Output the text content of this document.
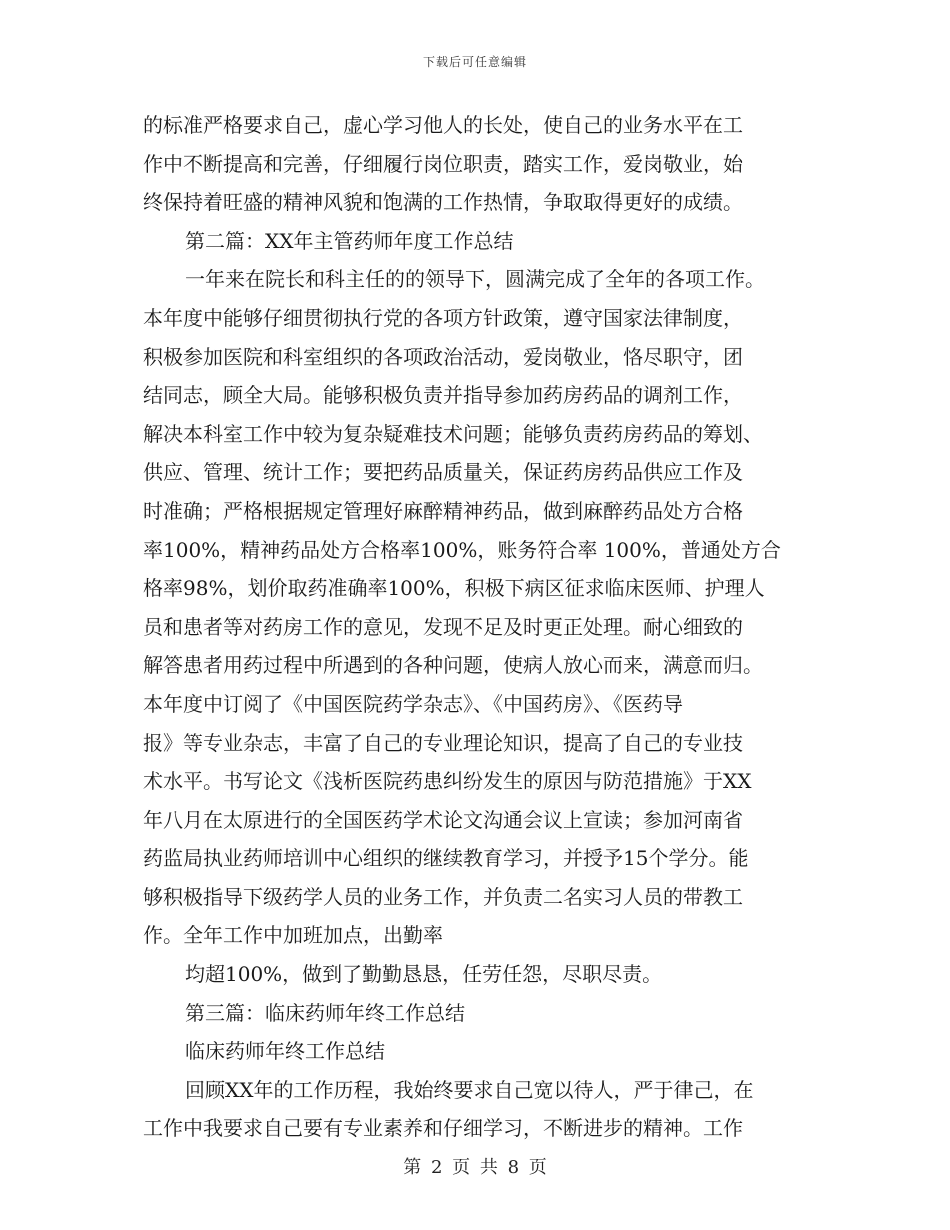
下载后可任意编辑
的标准严格要求自己，虚心学习他人的长处，使自己的业务水平在工
作中不断提高和完善，仔细履行岗位职责，踏实工作，爱岗敬业，始
终保持着旺盛的精神风貌和饱满的工作热情，争取取得更好的成绩。
第二篇：XX年主管药师年度工作总结
一年来在院长和科主任的的领导下，圆满完成了全年的各项工作。
本年度中能够仔细贯彻执行党的各项方针政策，遵守国家法律制度，
积极参加医院和科室组织的各项政治活动，爱岗敬业，恪尽职守，团
结同志，顾全大局。能够积极负责并指导参加药房药品的调剂工作，
解决本科室工作中较为复杂疑难技术问题；能够负责药房药品的筹划、
供应、管理、统计工作；要把药品质量关，保证药房药品供应工作及
时准确；严格根据规定管理好麻醉精神药品，做到麻醉药品处方合格
率100%，精神药品处方合格率100%，账务符合率 100%，普通处方合
格率98%，划价取药准确率100%，积极下病区征求临床医师、护理人
员和患者等对药房工作的意见，发现不足及时更正处理。耐心细致的
解答患者用药过程中所遇到的各种问题，使病人放心而来，满意而归。
本年度中订阅了《中国医院药学杂志》、《中国药房》、《医药导
报》等专业杂志，丰富了自己的专业理论知识，提高了自己的专业技
术水平。书写论文《浅析医院药患纠纷发生的原因与防范措施》于XX
年八月在太原进行的全国医药学术论文沟通会议上宣读；参加河南省
药监局执业药师培训中心组织的继续教育学习，并授予15个学分。能
够积极指导下级药学人员的业务工作，并负责二名实习人员的带教工
作。全年工作中加班加点，出勤率
均超100%，做到了勤勤恳恳，任劳任怨，尽职尽责。
第三篇：临床药师年终工作总结
临床药师年终工作总结
回顾XX年的工作历程，我始终要求自己宽以待人，严于律己，在
工作中我要求自己要有专业素养和仔细学习，不断进步的精神。工作
第 2 页 共 8 页
